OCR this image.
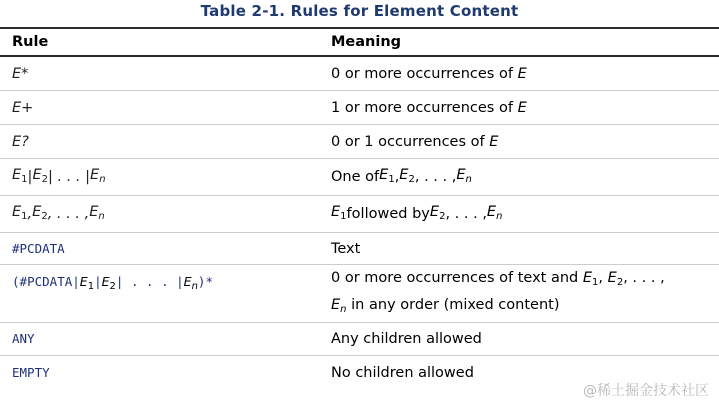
Table 2-1. Rules for Element Content
Rule	Meaning
E*	0 or more occurrences of E
E+	1 or more occurrences of E
E?	0 or 1 occurrences of E
$E_1$ | $E_2$ | . . . | $E_n$	One of $E_1$ , $E_2$ , . . . , $E_n$
$E_1$ , $E_2$ , . . . , $E_n$	$E_1$ followed by $E_2$ , . . . , $E_n$
#PCDATA	Text
(#PCDATA| $E_1$ | $E_2$ | . . . | $E_n$ )*	0 or more occurrences of text and $E_1$, $E_2$, . . . ,
$E_n$ in any order (mixed content)
ANY	Any children allowed
EMPTY	No children allowed
@稀土掘金技术社区
